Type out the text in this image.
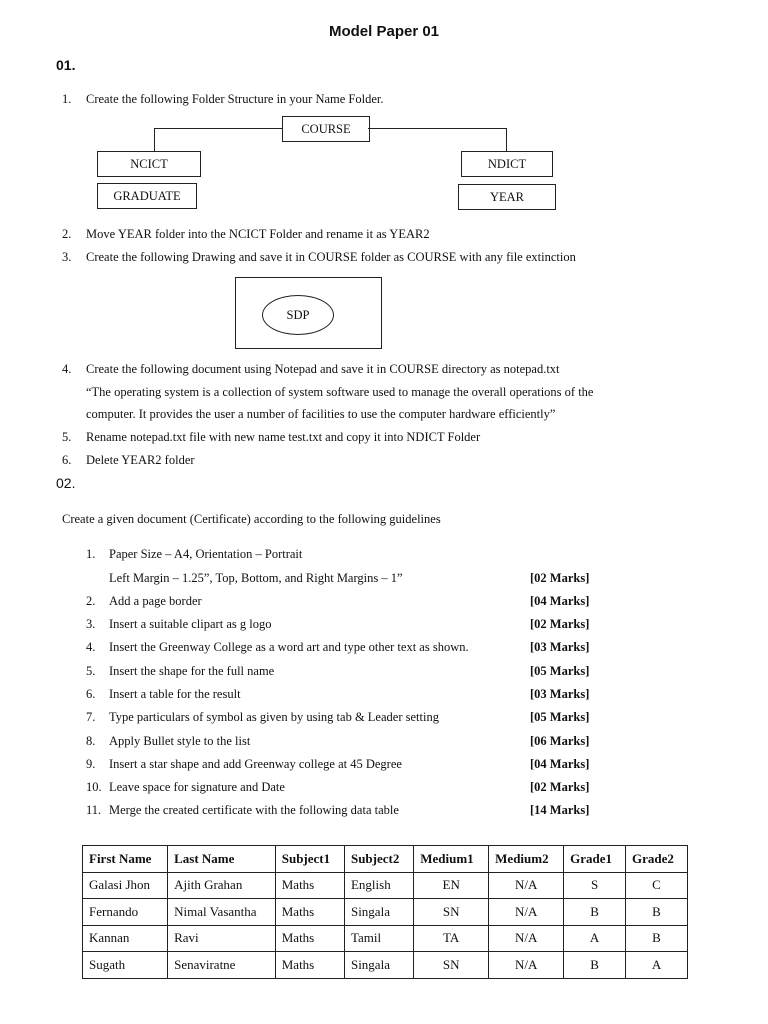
Model Paper 01
01.
1. Create the following Folder Structure in your Name Folder.
COURSE
NCICT	NDICT
GRADUATE	YEAR
2. Move YEAR folder into the NCICT Folder and rename it as YEAR2
3. Create the following Drawing and save it in COURSE folder as COURSE with any file extinction
SDP
4. Create the following document using Notepad and save it in COURSE directory as notepad.txt
“The operating system is a collection of system software used to manage the overall operations of the
computer. It provides the user a number of facilities to use the computer hardware efficiently”
5. Rename notepad.txt file with new name test.txt and copy it into NDICT Folder
6. Delete YEAR2 folder
02.
Create a given document (Certificate) according to the following guidelines
1. Paper Size – A4, Orientation – Portrait
Left Margin – 1.25”, Top, Bottom, and Right Margins – 1”	[02 Marks]
2. Add a page border	[04 Marks]
3. Insert a suitable clipart as g logo	[02 Marks]
4. Insert the Greenway College as a word art and type other text as shown.	[03 Marks]
5. Insert the shape for the full name	[05 Marks]
6. Insert a table for the result	[03 Marks]
7. Type particulars of symbol as given by using tab & Leader setting	[05 Marks]
8. Apply Bullet style to the list	[06 Marks]
9. Insert a star shape and add Greenway college at 45 Degree	[04 Marks]
10. Leave space for signature and Date	[02 Marks]
11. Merge the created certificate with the following data table	[14 Marks]
First Name	Last Name	Subject1	Subject2	Medium1	Medium2	Grade1	Grade2
Galasi Jhon	Ajith Grahan	Maths	English	EN	N/A	S	C
Fernando	Nimal Vasantha	Maths	Singala	SN	N/A	B	B
Kannan	Ravi	Maths	Tamil	TA	N/A	A	B
Sugath	Senaviratne	Maths	Singala	SN	N/A	B	A
